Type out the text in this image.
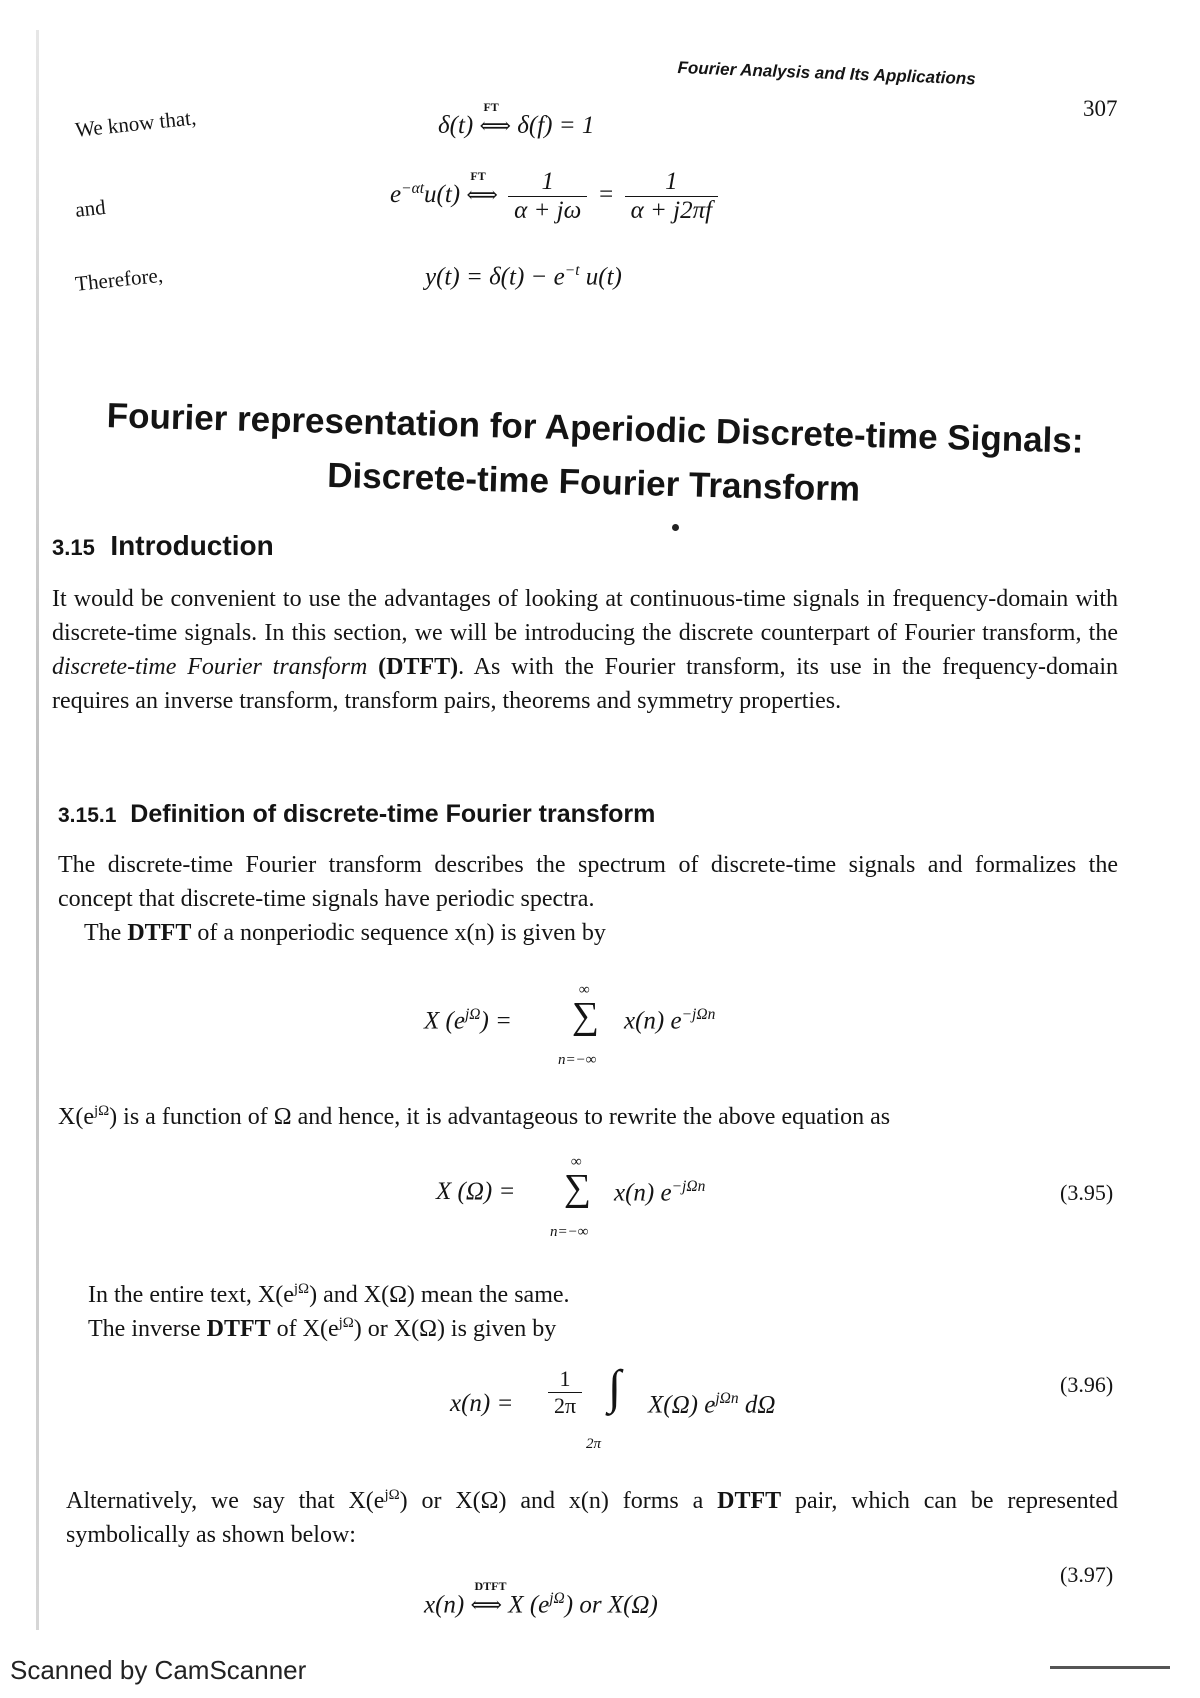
Fourier Analysis and Its Applications
307
We know that,	δ(t)
FT
⟺ δ(f) = 1
and
$e^{-\alpha t}u(t)$
FT
⟺ $\frac{1}{\alpha + j\omega} = \frac{1}{\alpha + j2\pi f}$
Therefore,	$y(t) = \delta(t) - e^{-t}$ u(t)
Fourier representation for Aperiodic Discrete-time Signals:
Discrete-time Fourier Transform
3.15 Introduction
It would be convenient to use the advantages of looking at continuous-time signals in frequency-domain with discrete-time signals. In this section, we will be introducing the discrete counterpart of Fourier transform, the discrete-time Fourier transform (DTFT). As with the Fourier transform, its use in the frequency-domain requires an inverse transform, transform pairs, theorems and symmetry properties.
3.15.1 Definition of discrete-time Fourier transform
The discrete-time Fourier transform describes the spectrum of discrete-time signals and formalizes the concept that discrete-time signals have periodic spectra.
The DTFT of a nonperiodic sequence x(n) is given by
X $(e^{j\Omega})$ =
∞
∑
n=−∞
x(n) $e^{-j\Omega n}$
$X(e^{j\Omega})$ is a function of Ω and hence, it is advantageous to rewrite the above equation as
X (Ω) =
∞
∑
n=−∞
x(n) $e^{-j\Omega n}$	(3.95)
In the entire text, $X(e^{j\Omega})$ and X(Ω) mean the same.
The inverse DTFT of $X(e^{j\Omega})$ or X(Ω) is given by
$x(n) = \frac{1}{2\pi}$ ∫
2π
X(Ω) $e^{j\Omega n}$ dΩ
(3.96)
Alternatively, we say that $X(e^{j\Omega})$ or X(Ω) and x(n) forms a DTFT pair, which can be represented symbolically as shown below:
(3.97)
x(n)
DTFT
⟺ X $(e^{j\Omega})$ or X(Ω)
Scanned by CamScanner
